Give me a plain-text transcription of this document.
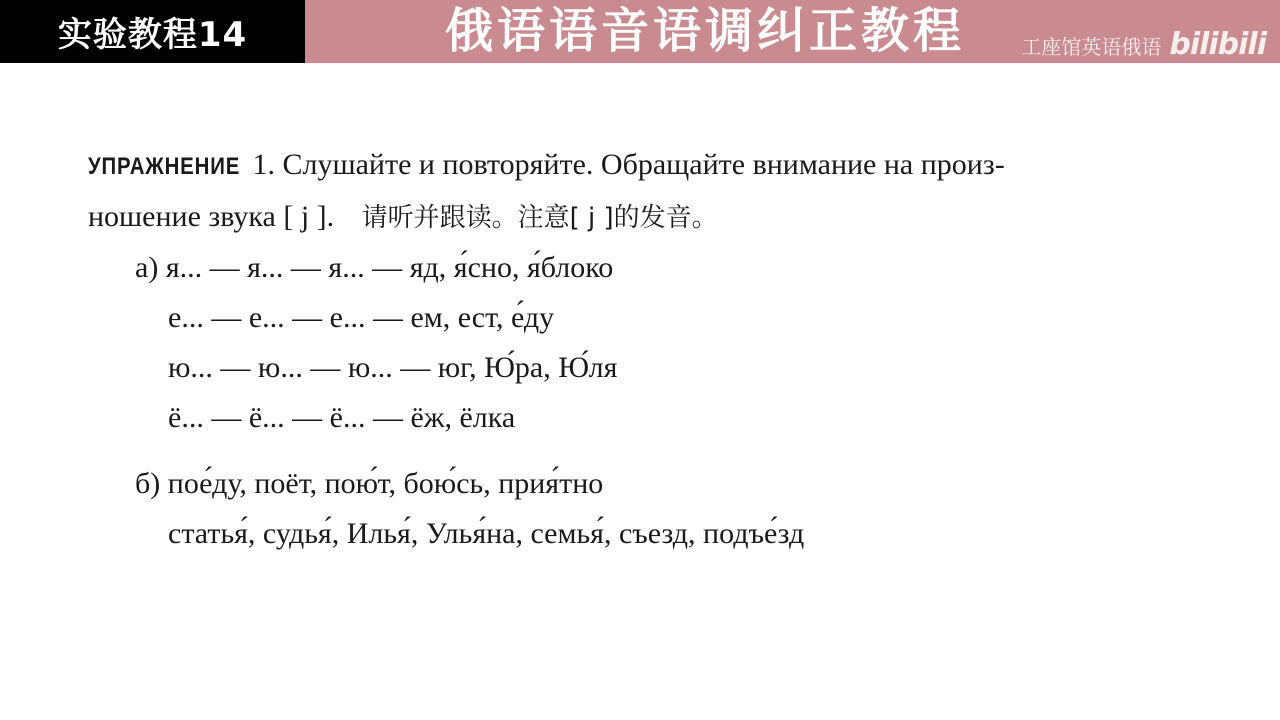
实验教程14	俄语语音语调纠正教程	工座馆英语俄语 bilibili
УПРАЖНЕНИЕ 1. Слушайте и повторяйте. Обращайте внимание на произ-
ношение звука [ j ]. 请听并跟读。注意[ j ]的发音。
а) я... — я... — я... — яд, я́сно, я́блоко
е... — е... — е... — ем, ест, е́ду
ю... — ю... — ю... — юг, Ю́ра, Ю́ля
ё... — ё... — ё... — ёж, ёлка
б) пое́ду, поёт, пою́т, бою́сь, прия́тно
статья́, судья́, Илья́, Улья́на, семья́, съезд, подъе́зд
